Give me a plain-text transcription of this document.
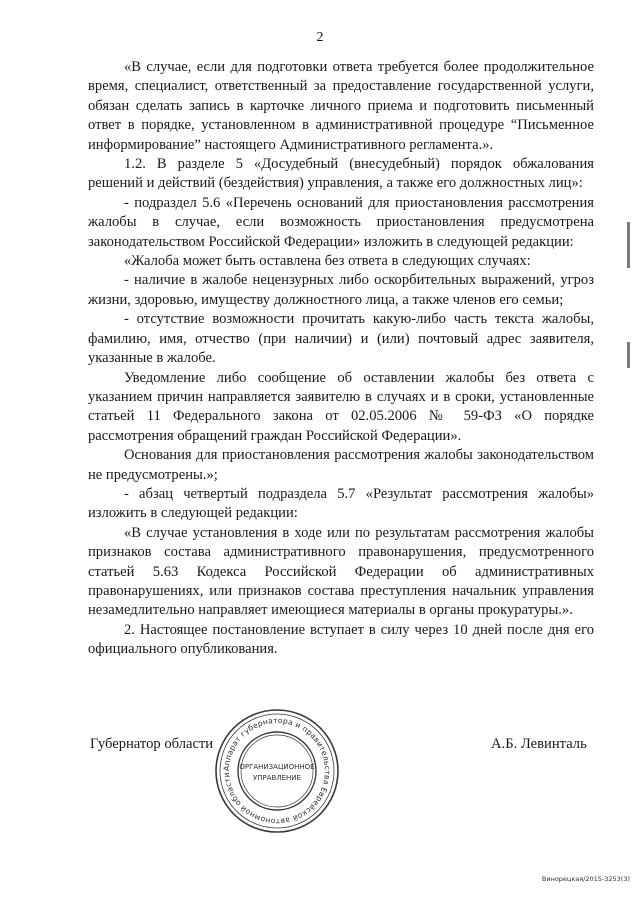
2

«В случае, если для подготовки ответа требуется более продолжительное время, специалист, ответственный за предоставление государственной услуги, обязан сделать запись в карточке личного приема и подготовить письменный ответ в порядке, установленном в административной процедуре “Письменное информирование” настоящего Административного регламента.».

1.2. В разделе 5 «Досудебный (внесудебный) порядок обжалования решений и действий (бездействия) управления, а также его должностных лиц»:

- подраздел 5.6 «Перечень оснований для приостановления рассмотрения жалобы в случае, если возможность приостановления предусмотрена законодательством Российской Федерации» изложить в следующей редакции:

«Жалоба может быть оставлена без ответа в следующих случаях:

- наличие в жалобе нецензурных либо оскорбительных выражений, угроз жизни, здоровью, имуществу должностного лица, а также членов его семьи;

- отсутствие возможности прочитать какую-либо часть текста жалобы, фамилию, имя, отчество (при наличии) и (или) почтовый адрес заявителя, указанные в жалобе.

Уведомление либо сообщение об оставлении жалобы без ответа с указанием причин направляется заявителю в случаях и в сроки, установленные статьей 11 Федерального закона от 02.05.2006 № 59-ФЗ «О порядке рассмотрения обращений граждан Российской Федерации».

Основания для приостановления рассмотрения жалобы законодательством не предусмотрены.»;

- абзац четвертый подраздела 5.7 «Результат рассмотрения жалобы» изложить в следующей редакции:

«В случае установления в ходе или по результатам рассмотрения жалобы признаков состава административного правонарушения, предусмотренного статьей 5.63 Кодекса Российской Федерации об административных правонарушениях, или признаков состава преступления начальник управления незамедлительно направляет имеющиеся материалы в органы прокуратуры.».

2. Настоящее постановление вступает в силу через 10 дней после дня его официального опубликования.

Губернатор области	А.Б. Левинталь
Аппарат губернатора и правительства Еврейской автономной области
ОРГАНИЗАЦИОННОЕ
УПРАВЛЕНИЕ
Винорецкая/2015-3253(3)
